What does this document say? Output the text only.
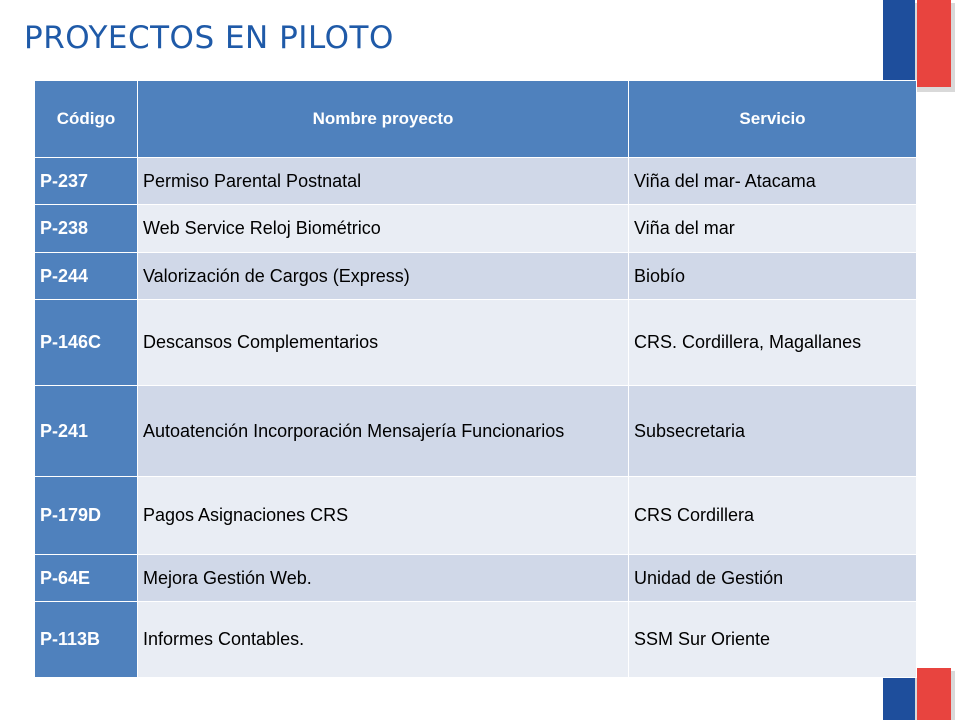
PROYECTOS EN PILOTO
Código	Nombre proyecto	Servicio
P-237	Permiso Parental Postnatal	Viña del mar- Atacama
P-238	Web Service Reloj Biométrico	Viña del mar
P-244	Valorización de Cargos (Express)	Biobío
P-146C	Descansos Complementarios	CRS. Cordillera, Magallanes
P-241	Autoatención Incorporación Mensajería Funcionarios	Subsecretaria
P-179D	Pagos Asignaciones CRS	CRS Cordillera
P-64E	Mejora Gestión Web.	Unidad de Gestión
P-113B	Informes Contables.	SSM Sur Oriente
